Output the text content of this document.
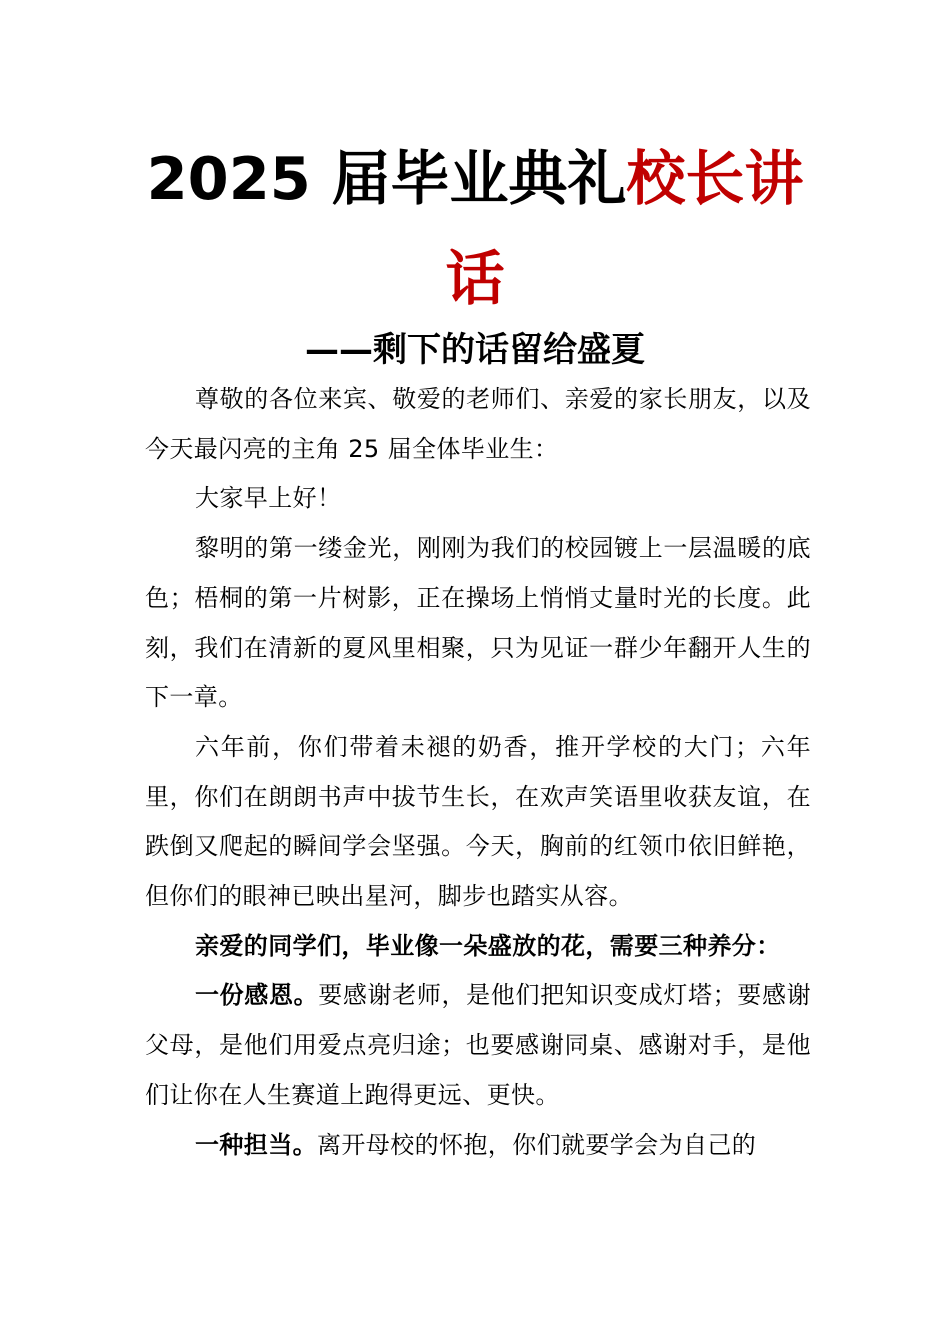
2025 届毕业典礼校长讲
话
——剩下的话留给盛夏

尊敬的各位来宾、敬爱的老师们、亲爱的家长朋友，以及今天最闪亮的主角 25 届全体毕业生：

大家早上好！

黎明的第一缕金光，刚刚为我们的校园镀上一层温暖的底色；梧桐的第一片树影，正在操场上悄悄丈量时光的长度。此刻，我们在清新的夏风里相聚，只为见证一群少年翻开人生的下一章。

六年前，你们带着未褪的奶香，推开学校的大门；六年里，你们在朗朗书声中拔节生长，在欢声笑语里收获友谊，在跌倒又爬起的瞬间学会坚强。今天，胸前的红领巾依旧鲜艳，但你们的眼神已映出星河，脚步也踏实从容。

亲爱的同学们，毕业像一朵盛放的花，需要三种养分：

一份感恩。要感谢老师，是他们把知识变成灯塔；要感谢父母，是他们用爱点亮归途；也要感谢同桌、感谢对手，是他们让你在人生赛道上跑得更远、更快。

一种担当。离开母校的怀抱，你们就要学会为自己的
